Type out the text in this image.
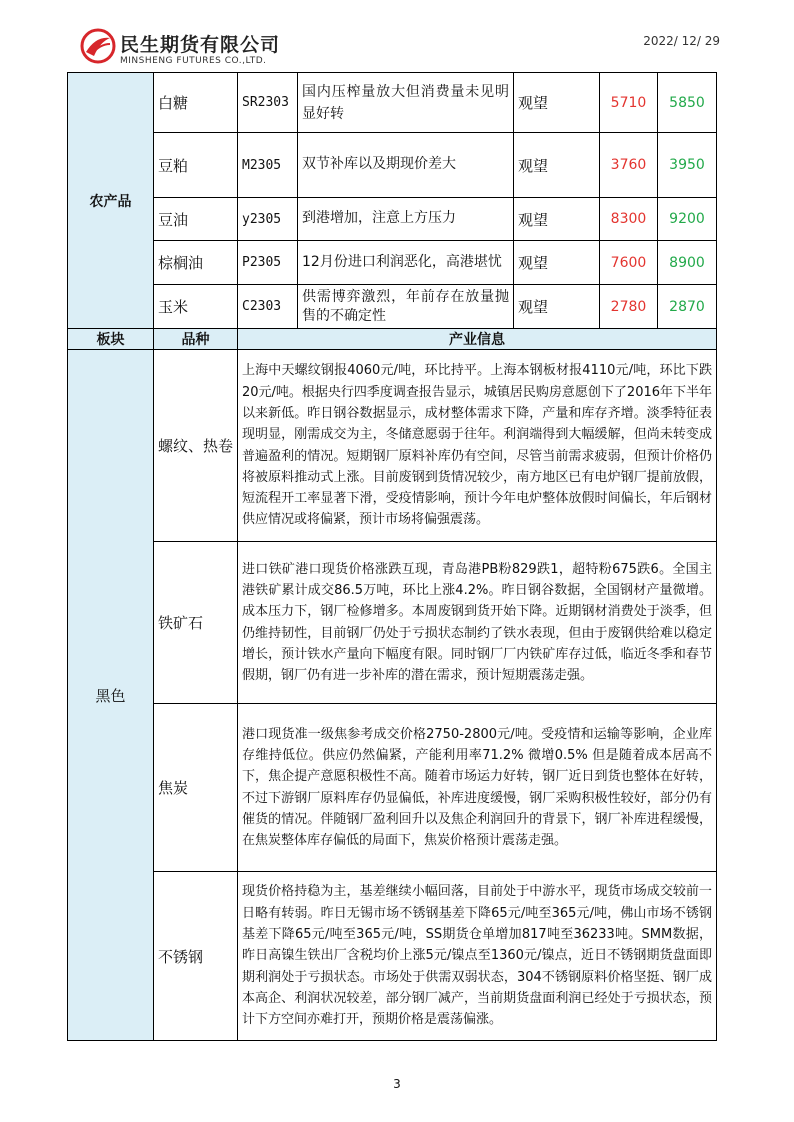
民生期货有限公司
MINSHENG FUTURES CO.,LTD.
2022/ 12/ 29
农产品	白糖	SR2303	国内压榨量放大但消费量未见明显好转	观望	5710	5850
	豆粕	M2305	双节补库以及期现价差大	观望	3760	3950
	豆油	y2305	到港增加，注意上方压力	观望	8300	9200
	棕榈油	P2305	12月份进口利润恶化，高港堪忧	观望	7600	8900
	玉米	C2303	供需博弈激烈，年前存在放量抛售的不确定性	观望	2780	2870
板块	品种	产业信息				
黑色	螺纹、热卷	上海中天螺纹钢报4060元/吨，环比持平。上海本钢板材报4110元/吨，环比下跌20元/吨。根据央行四季度调查报告显示，城镇居民购房意愿创下了2016年下半年以来新低。昨日钢谷数据显示，成材整体需求下降，产量和库存齐增。淡季特征表现明显，刚需成交为主，冬储意愿弱于往年。利润端得到大幅缓解，但尚未转变成普遍盈利的情况。短期钢厂原料补库仍有空间，尽管当前需求疲弱，但预计价格仍将被原料推动式上涨。目前废钢到货情况较少，南方地区已有电炉钢厂提前放假，短流程开工率显著下滑，受疫情影响，预计今年电炉整体放假时间偏长，年后钢材供应情况或将偏紧，预计市场将偏强震荡。				
	铁矿石	进口铁矿港口现货价格涨跌互现，青岛港PB粉829跌1，超特粉675跌6。全国主港铁矿累计成交86.5万吨，环比上涨4.2%。昨日钢谷数据，全国钢材产量微增。成本压力下，钢厂检修增多。本周废钢到货开始下降。近期钢材消费处于淡季，但仍维持韧性，目前钢厂仍处于亏损状态制约了铁水表现，但由于废钢供给难以稳定增长，预计铁水产量向下幅度有限。同时钢厂厂内铁矿库存过低，临近冬季和春节假期，钢厂仍有进一步补库的潜在需求，预计短期震荡走强。				
	焦炭	港口现货准一级焦参考成交价格2750-2800元/吨。受疫情和运输等影响，企业库存维持低位。供应仍然偏紧，产能利用率71.2% 微增0.5% 但是随着成本居高不下，焦企提产意愿积极性不高。随着市场运力好转，钢厂近日到货也整体在好转，不过下游钢厂原料库存仍显偏低，补库进度缓慢，钢厂采购积极性较好，部分仍有催货的情况。伴随钢厂盈利回升以及焦企利润回升的背景下，钢厂补库进程缓慢，在焦炭整体库存偏低的局面下，焦炭价格预计震荡走强。				
	不锈钢	现货价格持稳为主，基差继续小幅回落，目前处于中游水平，现货市场成交较前一日略有转弱。昨日无锡市场不锈钢基差下降65元/吨至365元/吨，佛山市场不锈钢基差下降65元/吨至365元/吨，SS期货仓单增加817吨至36233吨。SMM数据，昨日高镍生铁出厂含税均价上涨5元/镍点至1360元/镍点，近日不锈钢期货盘面即期利润处于亏损状态。市场处于供需双弱状态，304不锈钢原料价格坚挺、钢厂成本高企、利润状况较差，部分钢厂减产，当前期货盘面利润已经处于亏损状态，预计下方空间亦难打开，预期价格是震荡偏涨。				
3
